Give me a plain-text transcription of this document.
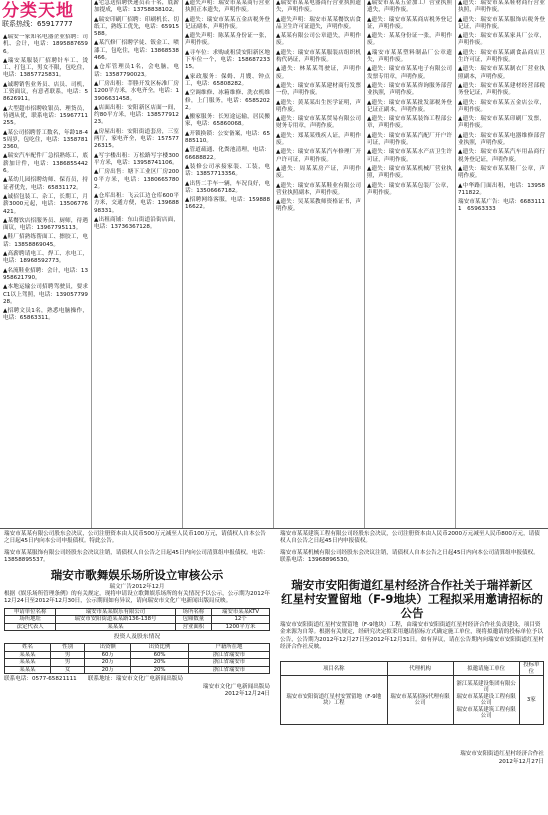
分类天地
联系热线：65917777
▲瑞安一家知名电器企业招聘：司机、会计，电话：18958876596。
▲瑞安某服装厂招聘针车工、烫工、打包工，男女不限，包吃住，电话：13857725831。
▲诚聘销售业务员、店员、司机，工资面议，有意者联系，电话：58626911。
▲大型超市招聘收银员、理货员，待遇从优，联系电话：15967711255。
▲某公司招聘普工数名，年龄18-45周岁，包吃住，电话：13587812360。
▲瑞安汽车配件厂急招熟练工，底薪加计件，电话：13868554426。
▲某幼儿园招聘幼师、保育员，持证者优先，电话：65831172。
▲诚招包装工、杂工，长期工，月薪3000元起，电话：13506776421。
▲某餐饮店招服务员、厨师，待遇面议，电话：13967795113。
▲鞋厂招熟练帮面工、擦胶工，电话：13858869045。
▲高薪聘请电工、焊工、水电工，电话：18968592773。
▲名流鞋业招聘：会计，电话：13958621790。
▲本地运输公司招聘驾驶员，要求C1以上驾照，电话：13905779928。
▲招聘文员1名，熟悉电脑操作，电话：65863311。
▲宅急送招聘快递员若干名，底薪加提成，电话：13758838102。
▲瑞安印刷厂招聘：印刷机长、切纸工，熟练工优先，电话：65915588。
▲某汽修厂招聘学徒、钣金工、喷漆工，包吃住，电话：13868538466。
▲仓库管理员1名，会电脑，电话：13587790023。
▲厂房出租：莘塍开发区标准厂房1200平方米，水电齐全，电话：13906631458。
▲店面出租：安阳新区店面一间，约80平方米，电话：13857791223。
▲房屋出租：安阳街道套房，三室两厅，家电齐全，电话：15757726315。
▲写字楼出租：万松路写字楼300平方米，电话：13958741106。
▲厂房出售：塘下工业区厂房2000平方米，电话：13806657802。
▲仓库出租：飞云江边仓库600平方米，交通方便，电话：13968898331。
▲出租商铺：东山街道沿街店面，电话：13736367128。
▲遗失声明：瑞安市某某商行营业执照正本遗失，声明作废。
▲遗失：瑞安市某某五金店税务登记证副本，声明作废。
▲遗失声明：陈某某身份证一张，声明作废。
▲寻车位：求购或租赁安阳新区地下车位一个，电话：15868723315。
▲家政服务：保姆、月嫂、钟点工，电话：65808282。
▲空调维修、冰箱维修、洗衣机维修，上门服务，电话：65852022。
▲搬家服务：长短途运输，居民搬家，电话：65860068。
▲开锁换锁：公安备案，电话：65885110。
▲管道疏通、化粪池清理，电话：66688822。
▲装修公司承接家装、工装，电话：13857713356。
▲出售二手车一辆，车况良好，电话：13506667182。
▲招聘网络客服，电话：15988816622。
▲瑞安市某某电器商行营业执照遗失，声明作废。
▲遗失声明：瑞安市某某餐饮店食品卫生许可证遗失，声明作废。
▲某某有限公司公章遗失，声明作废。
▲遗失：瑞安市某某服装店组织机构代码证，声明作废。
▲遗失：林某某驾驶证，声明作废。
▲遗失：瑞安市某某建材商行发票一份，声明作废。
▲遗失：黄某某出生医学证明，声明作废。
▲遗失：瑞安市某某贸易有限公司财务专用章，声明作废。
▲遗失：郑某某残疾人证，声明作废。
▲遗失：瑞安市某某汽车修理厂开户许可证，声明作废。
▲遗失：周某某房产证，声明作废。
▲遗失：瑞安市某某鞋业有限公司营业执照副本，声明作废。
▲遗失：吴某某教师资格证书，声明作废。
▲瑞安市某某五金加工厂营业执照遗失，声明作废。
▲遗失：瑞安市某某商店税务登记证，声明作废。
▲遗失：某某身份证一张，声明作废。
▲瑞安市某某塑料制品厂公章遗失，声明作废。
▲遗失：瑞安市某某电子有限公司发票专用章，声明作废。
▲遗失：瑞安市某某咨询服务部营业执照，声明作废。
▲遗失：瑞安市某某批发部税务登记证正副本，声明作废。
▲遗失：瑞安市某某装饰工程部公章，声明作废。
▲遗失：瑞安市某某汽配厂开户许可证，声明作废。
▲遗失：瑞安市某某水产店卫生许可证，声明作废。
▲遗失：瑞安市某某机械厂营业执照，声明作废。
▲遗失：瑞安市某某包装厂公章，声明作废。
▲遗失：瑞安市某某鞋材商行营业执照，声明作废。
▲遗失：瑞安市某某服饰店税务登记证，声明作废。
▲遗失：瑞安市某某家具厂公章，声明作废。
▲遗失：瑞安市某某副食品商店卫生许可证，声明作废。
▲遗失：瑞安市某某制衣厂营业执照副本，声明作废。
▲遗失：瑞安市某某建材经营部税务登记证，声明作废。
▲遗失：瑞安市某某五金店公章，声明作废。
▲遗失：瑞安市某某印刷厂发票，声明作废。
▲遗失：瑞安市某某电器维修部营业执照，声明作废。
▲遗失：瑞安市某某汽车用品商行税务登记证，声明作废。
▲遗失：瑞安市某某鞋厂公章，声明作废。
▲中华路门面出租，电话：13958711822。
瑞安市某某广告：电话：66831111　65963333
瑞安市某某有限公司股东会决议，公司注册资本由人民币500万元减至人民币100万元，请债权人自本公告之日起45日内向本公司申报债权。特此公告。
瑞安市某某服饰有限公司经股东会决议注销，请债权人自公告之日起45日内向公司清算组申报债权。电话：13858895537。
瑞安市歌舞娱乐场所设立审核公示
瑞文广告2012年12月
根据《娱乐场所管理条例》的有关规定，现将申请设立歌舞娱乐场所的有关情况予以公示，公示期为2012年12月24日至2012年12月30日，公示期间如有异议，请向瑞安市文化广电新闻出版局反映。
申请单位名称	瑞安市某某娱乐有限公司	场所名称	瑞安市某某KTV
场所地址	瑞安市安阳街道某某路136-138号	包厢数量	12个
法定代表人	某某某	营业面积	1200平方米
投资人及股东情况
姓名	性别	出资额	出资比例	户籍所在地
某某某	男	60万	60%	浙江省瑞安市
某某某	男	20万	20%	浙江省瑞安市
某某某	女	20万	20%	浙江省瑞安市
联系电话：0577-65821111　　联系地址：瑞安市文化广电新闻出版局
瑞安市文化广电新闻出版局
2012年12月24日
瑞安市某某建筑工程有限公司经股东会决议，公司注册资本由人民币2000万元减至人民币800万元，请债权人自公告之日起45日内申报债权。
瑞安市某某机械有限公司经股东会决议注销，请债权人自本公告之日起45日内向本公司清算组申报债权。联系电话：13968896530。
瑞安市安阳街道红星村经济合作社关于瑞祥新区
红星村安置留地（F-9地块）工程拟采用邀请招标的公告
瑞安市安阳街道红星村安置留地（F-9地块）工程，由瑞安市安阳街道红星村经济合作社负责建设，项目资金来源为自筹。根据有关规定，经研究决定拟采用邀请招标方式确定施工单位，现将拟邀请的投标单位予以公告，公告期为2012年12月27日至2012年12月31日。如有异议，请在公告期内向瑞安市安阳街道红星村经济合作社反映。
项目名称	代理机构	拟邀请施工单位	投标单位
瑞安市安阳街道红星村安置留地（F-9地块）工程	瑞安市某某招标代理有限公司	浙江某某建设集团有限公司
瑞安市某某建设工程有限公司
瑞安市某某建筑工程有限公司	3家
瑞安市安阳街道红星村经济合作社
2012年12月27日
